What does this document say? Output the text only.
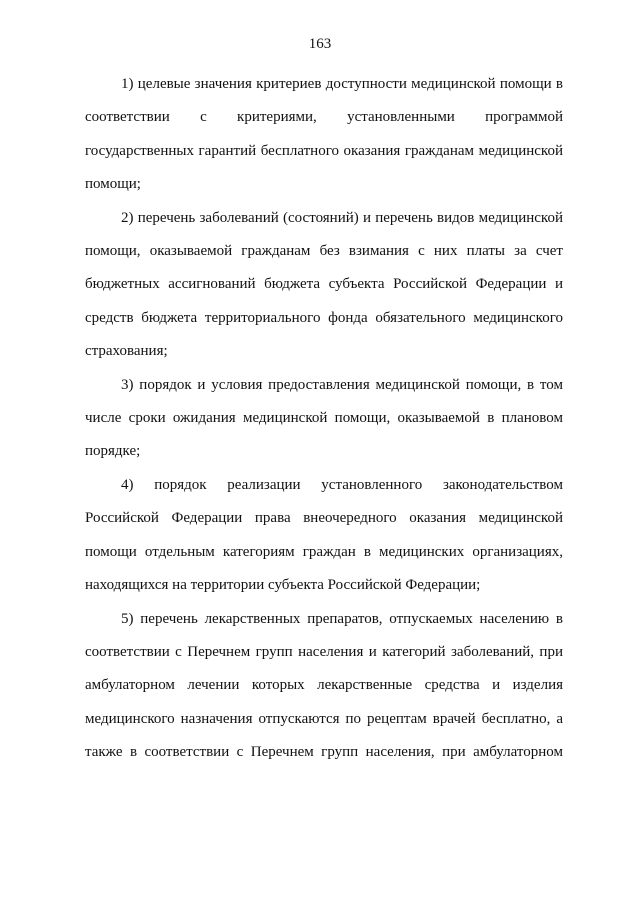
163

1) целевые значения критериев доступности медицинской помощи в соответствии с критериями, установленными программой государственных гарантий бесплатного оказания гражданам медицинской помощи;

2) перечень заболеваний (состояний) и перечень видов медицинской помощи, оказываемой гражданам без взимания с них платы за счет бюджетных ассигнований бюджета субъекта Российской Федерации и средств бюджета территориального фонда обязательного медицинского страхования;

3) порядок и условия предоставления медицинской помощи, в том числе сроки ожидания медицинской помощи, оказываемой в плановом порядке;

4) порядок реализации установленного законодательством Российской Федерации права внеочередного оказания медицинской помощи отдельным категориям граждан в медицинских организациях, находящихся на территории субъекта Российской Федерации;

5) перечень лекарственных препаратов, отпускаемых населению в соответствии с Перечнем групп населения и категорий заболеваний, при амбулаторном лечении которых лекарственные средства и изделия медицинского назначения отпускаются по рецептам врачей бесплатно, а также в соответствии с Перечнем групп населения, при амбулаторном
